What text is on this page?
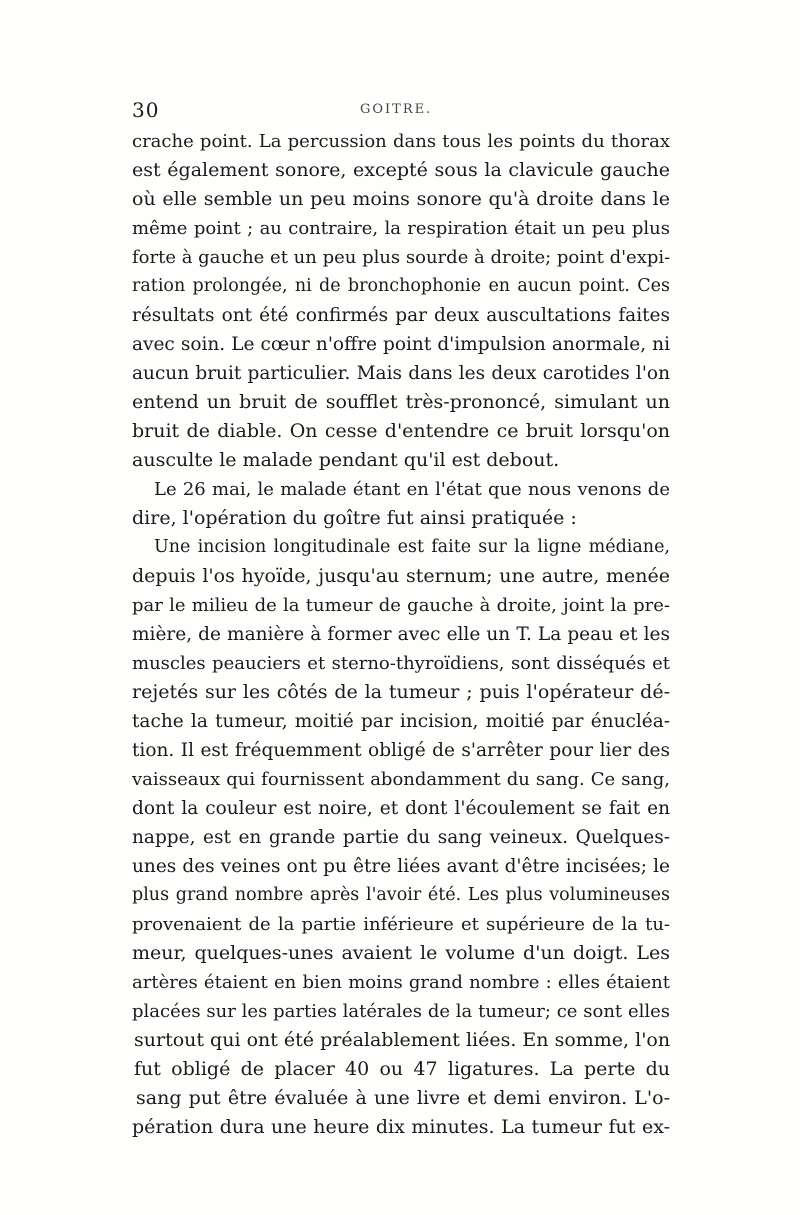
30	GOITRE.
crache point. La percussion dans tous les points du thorax
est également sonore, excepté sous la clavicule gauche
où elle semble un peu moins sonore qu'à droite dans le
même point ; au contraire, la respiration était un peu plus
forte à gauche et un peu plus sourde à droite; point d'expi-
ration prolongée, ni de bronchophonie en aucun point. Ces
résultats ont été confirmés par deux auscultations faites
avec soin. Le cœur n'offre point d'impulsion anormale, ni
aucun bruit particulier. Mais dans les deux carotides l'on
entend un bruit de soufflet très-prononcé, simulant un
bruit de diable. On cesse d'entendre ce bruit lorsqu'on
ausculte le malade pendant qu'il est debout.
Le 26 mai, le malade étant en l'état que nous venons de
dire, l'opération du goître fut ainsi pratiquée :
Une incision longitudinale est faite sur la ligne médiane,
depuis l'os hyoïde, jusqu'au sternum; une autre, menée
par le milieu de la tumeur de gauche à droite, joint la pre-
mière, de manière à former avec elle un T. La peau et les
muscles peauciers et sterno-thyroïdiens, sont disséqués et
rejetés sur les côtés de la tumeur ; puis l'opérateur dé-
tache la tumeur, moitié par incision, moitié par énucléa-
tion. Il est fréquemment obligé de s'arrêter pour lier des
vaisseaux qui fournissent abondamment du sang. Ce sang,
dont la couleur est noire, et dont l'écoulement se fait en
nappe, est en grande partie du sang veineux. Quelques-
unes des veines ont pu être liées avant d'être incisées; le
plus grand nombre après l'avoir été. Les plus volumineuses
provenaient de la partie inférieure et supérieure de la tu-
meur, quelques-unes avaient le volume d'un doigt. Les
artères étaient en bien moins grand nombre : elles étaient
placées sur les parties latérales de la tumeur; ce sont elles
surtout qui ont été préalablement liées. En somme, l'on
fut obligé de placer 40 ou 47 ligatures. La perte du
sang put être évaluée à une livre et demi environ. L'o-
pération dura une heure dix minutes. La tumeur fut ex-
